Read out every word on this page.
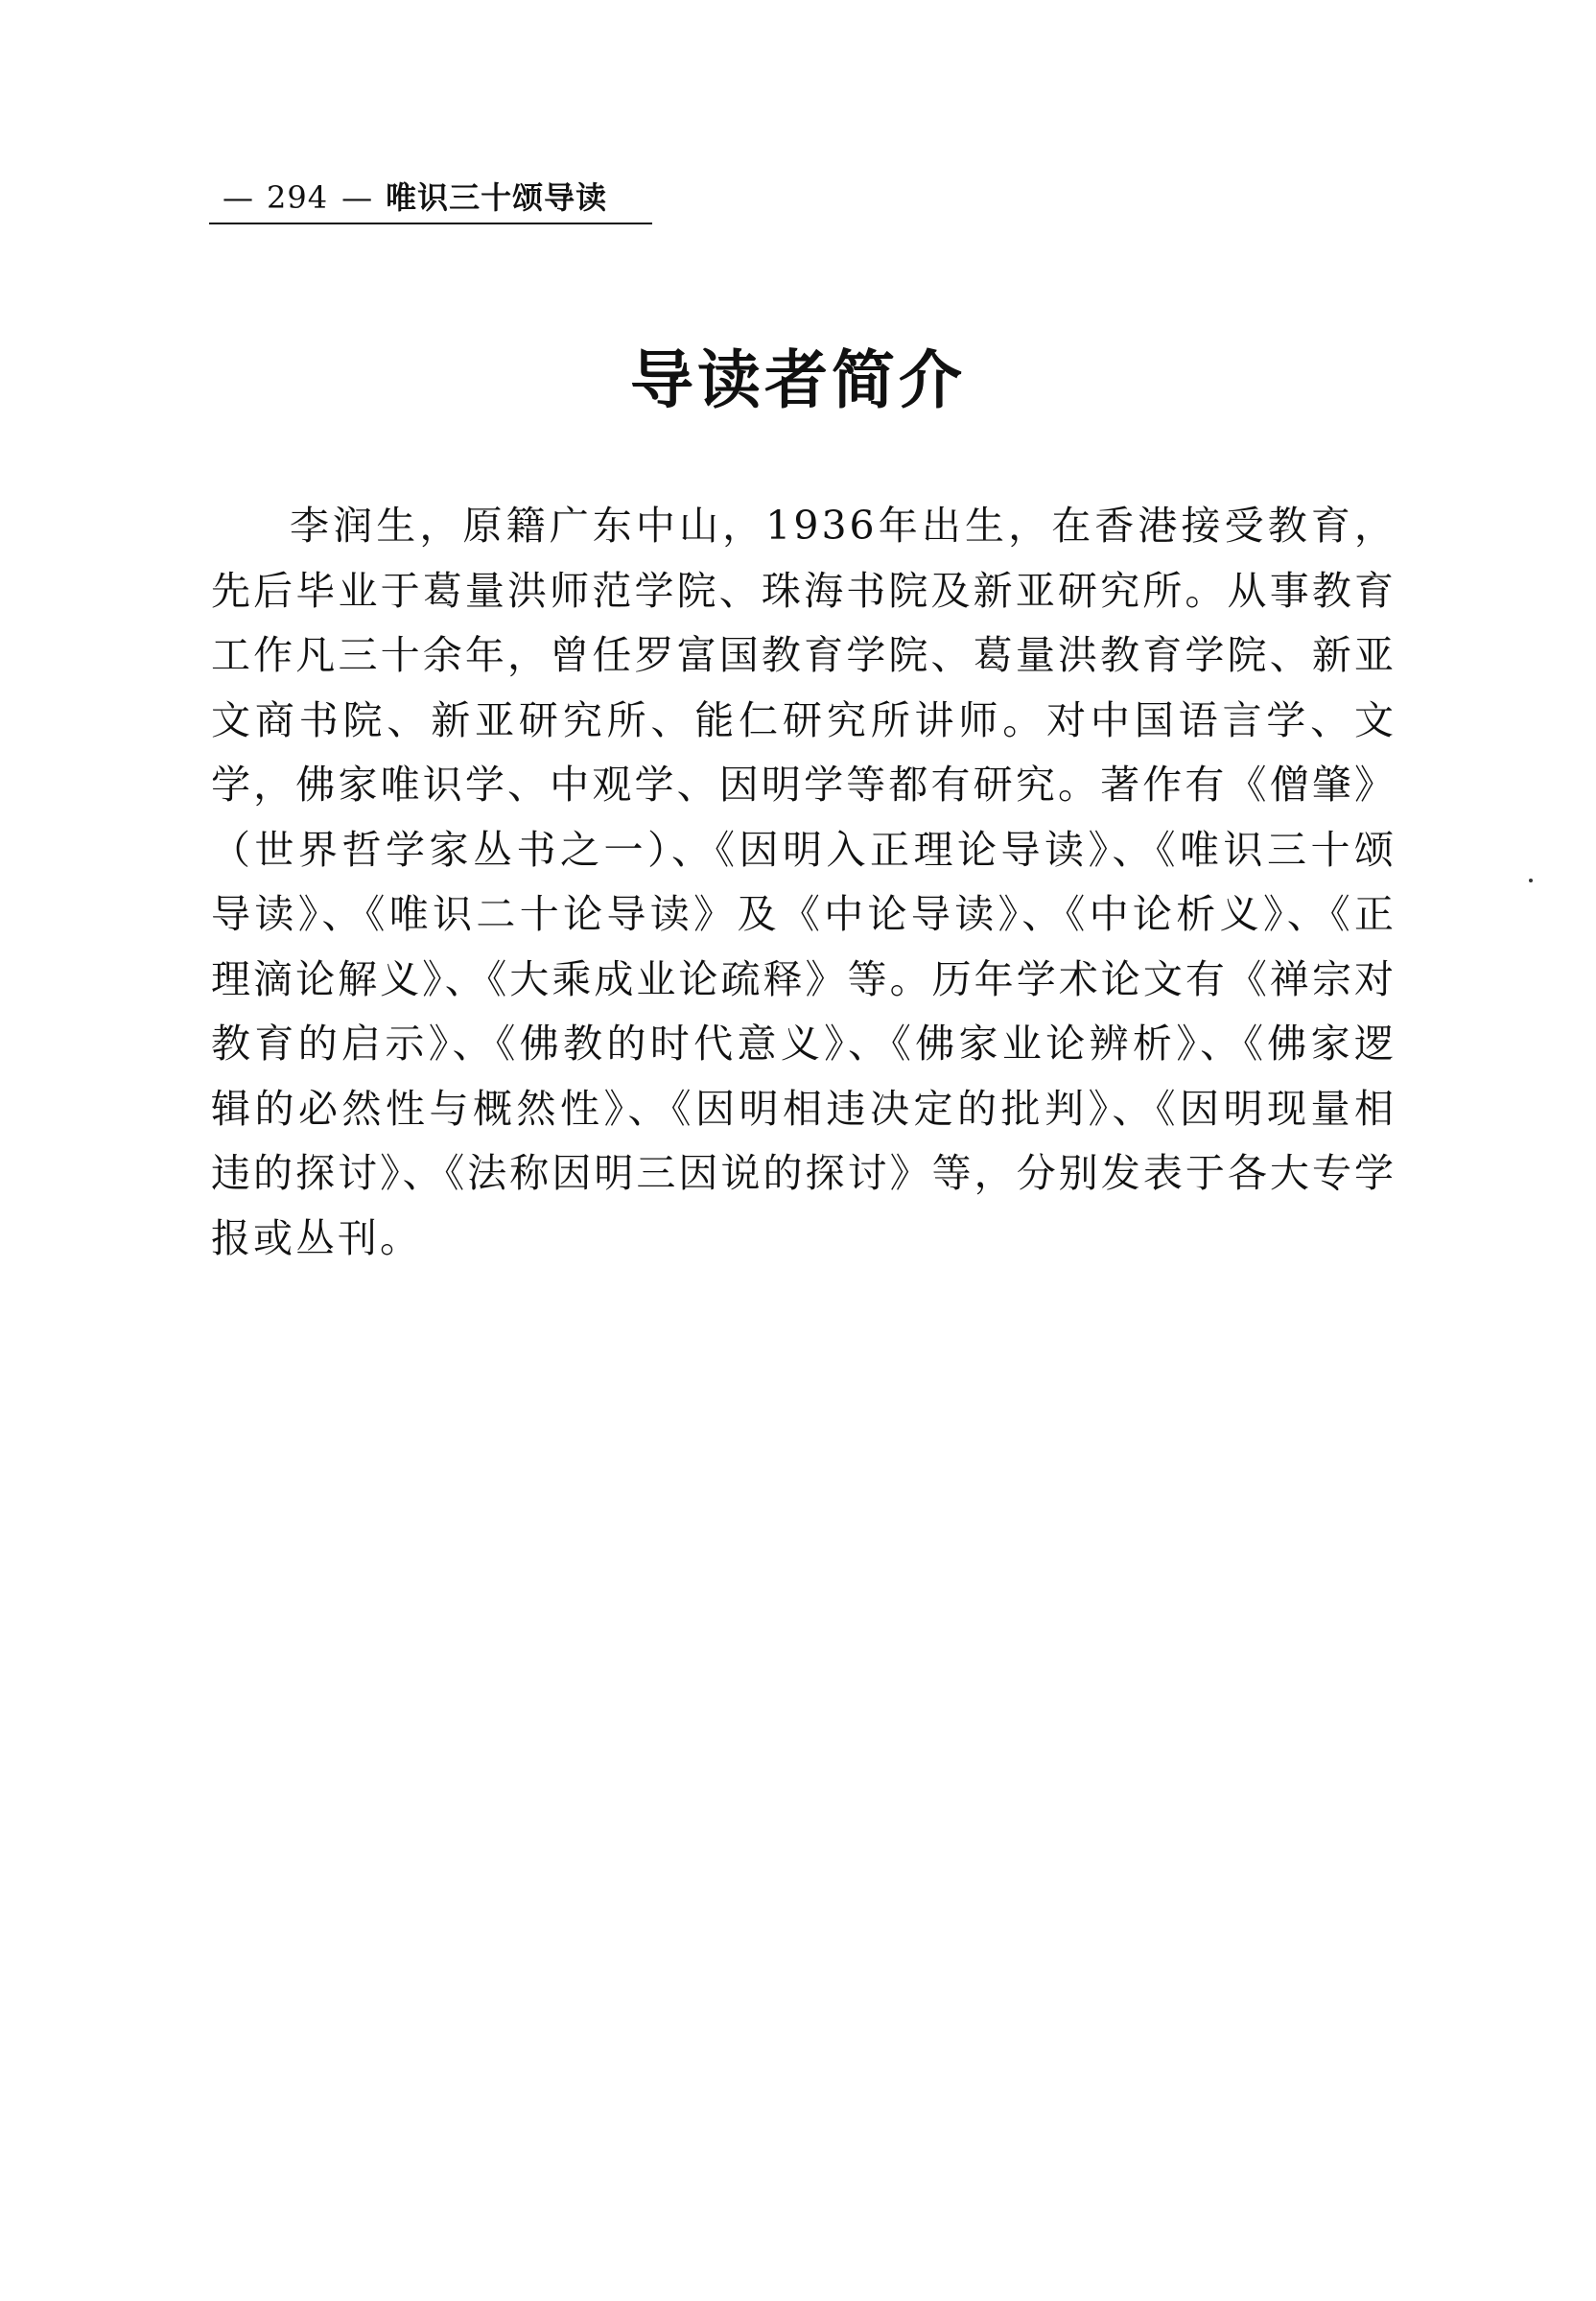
— 294 — 唯识三十颂导读
导读者简介

李润生，原籍广东中山，1936年出生，在香港接受教育，先后毕业于葛量洪师范学院、珠海书院及新亚研究所。从事教育工作凡三十余年，曾任罗富国教育学院、葛量洪教育学院、新亚文商书院、新亚研究所、能仁研究所讲师。对中国语言学、文学，佛家唯识学、中观学、因明学等都有研究。著作有《僧肇》（世界哲学家丛书之一）、《因明入正理论导读》、《唯识三十颂导读》、《唯识二十论导读》及《中论导读》、《中论析义》、《正理滴论解义》、《大乘成业论疏释》等。历年学术论文有《禅宗对教育的启示》、《佛教的时代意义》、《佛家业论辨析》、《佛家逻辑的必然性与概然性》、《因明相违决定的批判》、《因明现量相违的探讨》、《法称因明三因说的探讨》等，分别发表于各大专学报或丛刊。
